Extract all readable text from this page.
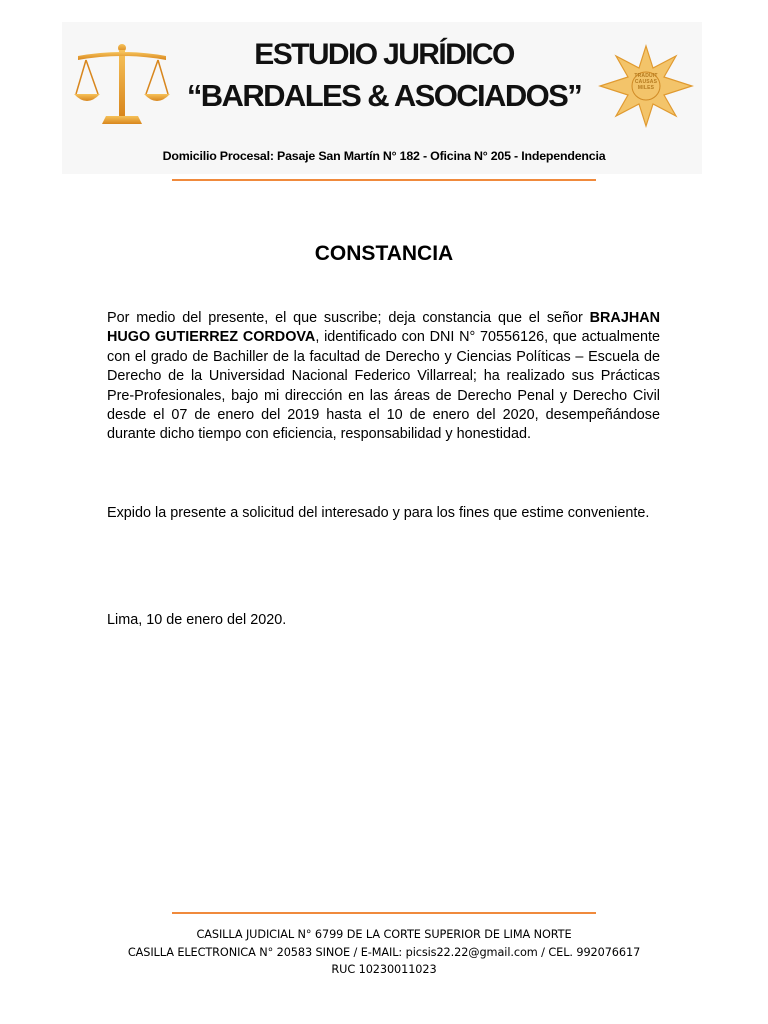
TRADUIT
CAUSAS
MILES
ESTUDIO JURÍDICO
“BARDALES & ASOCIADOS”
Domicilio Procesal: Pasaje San Martín N° 182 - Oficina N° 205 - Independencia
CONSTANCIA
Por medio del presente, el que suscribe; deja constancia que el señor BRAJHAN HUGO GUTIERREZ CORDOVA, identificado con DNI N° 70556126, que actualmente con el grado de Bachiller de la facultad de Derecho y Ciencias Políticas – Escuela de Derecho de la Universidad Nacional Federico Villarreal; ha realizado sus Prácticas Pre-Profesionales, bajo mi dirección en las áreas de Derecho Penal y Derecho Civil desde el 07 de enero del 2019 hasta el 10 de enero del 2020, desempeñándose durante dicho tiempo con eficiencia, responsabilidad y honestidad.
Expido la presente a solicitud del interesado y para los fines que estime conveniente.
Lima, 10 de enero del 2020.
CASILLA JUDICIAL N° 6799 DE LA CORTE SUPERIOR DE LIMA NORTE
CASILLA ELECTRONICA N° 20583 SINOE / E-MAIL: picsis22.22@gmail.com / CEL. 992076617
RUC 10230011023
